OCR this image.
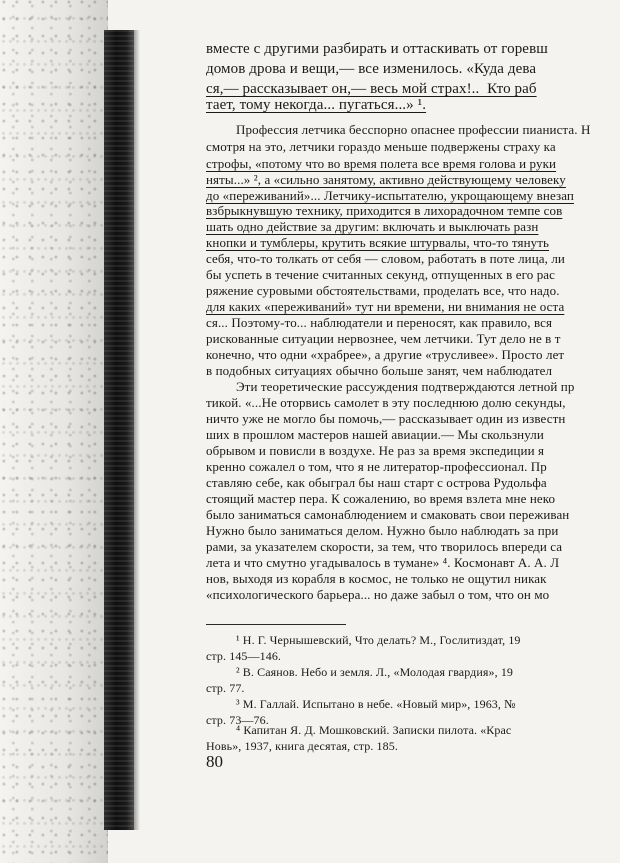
вместе с другими разбирать и оттаскивать от горевш
домов дрова и вещи,— все изменилось. «Куда дева
ся,— рассказывает он,— весь мой страх!..  Кто раб
тает, тому некогда... пугаться...» ¹.
Профессия летчика бесспорно опаснее профессии пианиста. Н
смотря на это, летчики гораздо меньше подвержены страху ка
строфы, «потому что во время полета все время голова и руки
няты...» ², а «сильно занятому, активно действующему человеку
до «переживаний»... Летчику-испытателю, укрощающему внезап
взбрыкнувшую технику, приходится в лихорадочном темпе сов
шать одно действие за другим: включать и выключать разн
кнопки и тумблеры, крутить всякие штурвалы, что-то тянуть
себя, что-то толкать от себя — словом, работать в поте лица, ли
бы успеть в течение считанных секунд, отпущенных в его рас
ряжение суровыми обстоятельствами, проделать все, что надо.
для каких «переживаний» тут ни времени, ни внимания не оста
ся... Поэтому-то... наблюдатели и переносят, как правило, вся
рискованные ситуации нервознее, чем летчики. Тут дело не в т
конечно, что одни «храбрее», а другие «трусливее». Просто лет
в подобных ситуациях обычно больше занят, чем наблюдател
Эти теоретические рассуждения подтверждаются летной пр
тикой. «...Не оторвись самолет в эту последнюю долю секунды,
ничто уже не могло бы помочь,— рассказывает один из известн
ших в прошлом мастеров нашей авиации.— Мы скользнули
обрывом и повисли в воздухе. Не раз за время экспедиции я
кренно сожалел о том, что я не литератор-профессионал. Пр
ставляю себе, как обыграл бы наш старт с острова Рудольфа
стоящий мастер пера. К сожалению, во время взлета мне неко
было заниматься самонаблюдением и смаковать свои переживан
Нужно было заниматься делом. Нужно было наблюдать за при
рами, за указателем скорости, за тем, что творилось впереди са
лета и что смутно угадывалось в тумане» ⁴. Космонавт А. А. Л
нов, выходя из корабля в космос, не только не ощутил никак
«психологического барьера... но даже забыл о том, что он мо
¹ Н. Г. Чернышевский, Что делать? М., Гослитиздат, 19
стр. 145—146.
² В. Саянов. Небо и земля. Л., «Молодая гвардия», 19
стр. 77.
³ М. Галлай. Испытано в небе. «Новый мир», 1963, №
стр. 73—76.
⁴ Капитан Я. Д. Мошковский. Записки пилота. «Крас
Новь», 1937, книга десятая, стр. 185.
80
